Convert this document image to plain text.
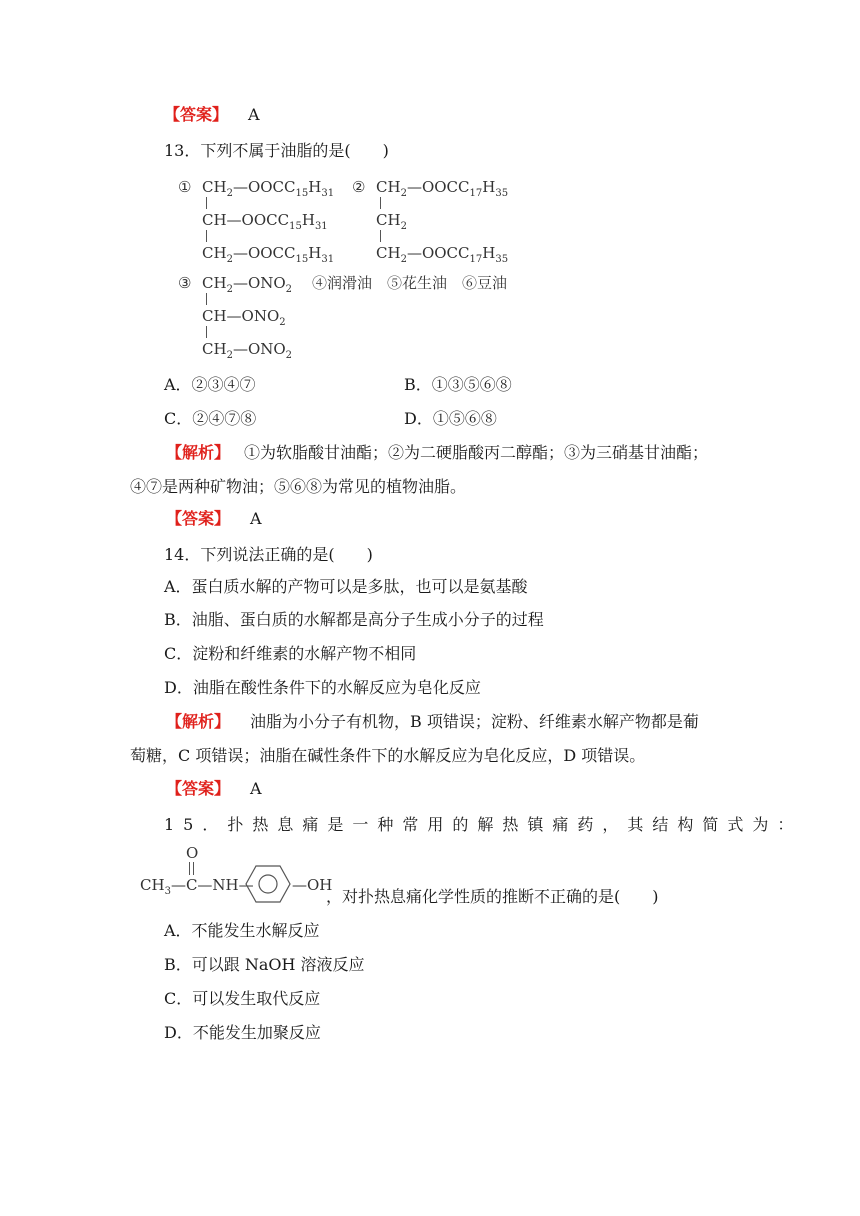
【答案】 A
13．下列不属于油脂的是(　　)
① $CH_2—OOCC_{15}H_{31}$
$CH—OOCC_{15}H_{31}$
$CH_2—OOCC_{15}H_{31}$
② $CH_2—OOCC_{17}H_{35}$
$CH_2$
$CH_2—OOCC_{17}H_{35}$
③ $CH_2—ONO_2$
$CH—ONO_2$
$CH_2—ONO_2$
④润滑油　⑤花生油　⑥豆油
A．②③④⑦	B．①③⑤⑥⑧
C．②④⑦⑧	D．①⑤⑥⑧
【解析】 ①为软脂酸甘油酯；②为二硬脂酸丙二醇酯；③为三硝基甘油酯；
④⑦是两种矿物油；⑤⑥⑧为常见的植物油脂。
【答案】 A
14．下列说法正确的是(　　)
A．蛋白质水解的产物可以是多肽，也可以是氨基酸
B．油脂、蛋白质的水解都是高分子生成小分子的过程
C．淀粉和纤维素的水解产物不相同
D．油脂在酸性条件下的水解反应为皂化反应
【解析】 油脂为小分子有机物，B 项错误；淀粉、纤维素水解产物都是葡
萄糖，C 项错误；油脂在碱性条件下的水解反应为皂化反应，D 项错误。
【答案】 A
15．扑热息痛是一种常用的解热镇痛药，其结构简式为：
O
$CH_3—C—NH—$	—OH
，对扑热息痛化学性质的推断不正确的是(　　)
A．不能发生水解反应
B．可以跟 NaOH 溶液反应
C．可以发生取代反应
D．不能发生加聚反应
